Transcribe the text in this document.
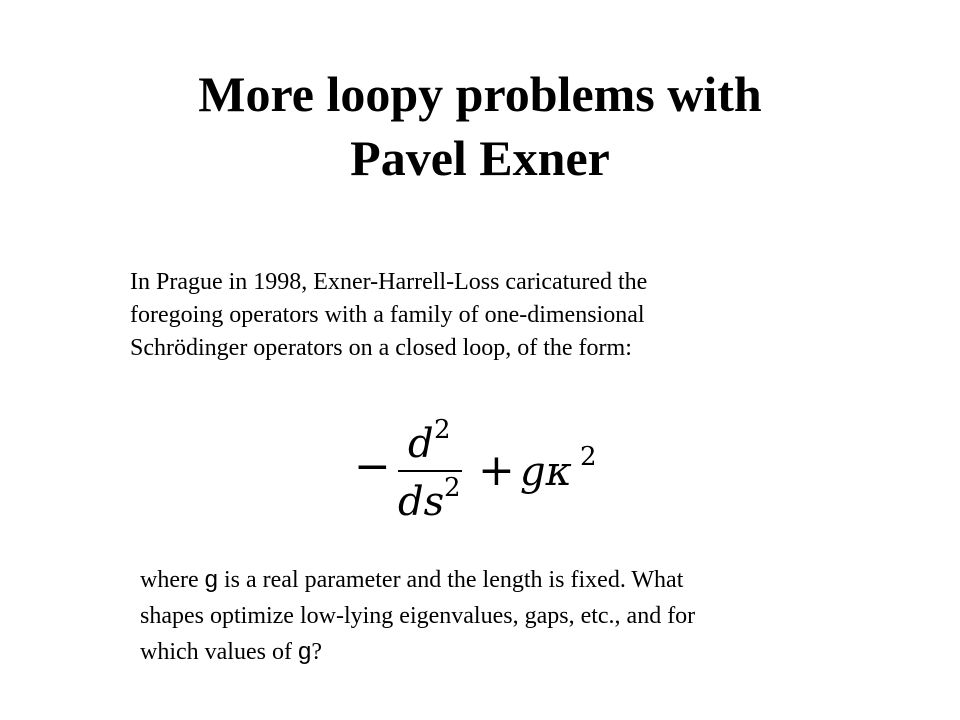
More loopy problems with
Pavel Exner

In Prague in 1998, Exner-Harrell-Loss caricatured the
foregoing operators with a family of one-dimensional
Schrödinger operators on a closed loop, of the form:

− d 2
ds 2 + gκ 2

where g is a real parameter and the length is fixed. What
shapes optimize low-lying eigenvalues, gaps, etc., and for
which values of g?
